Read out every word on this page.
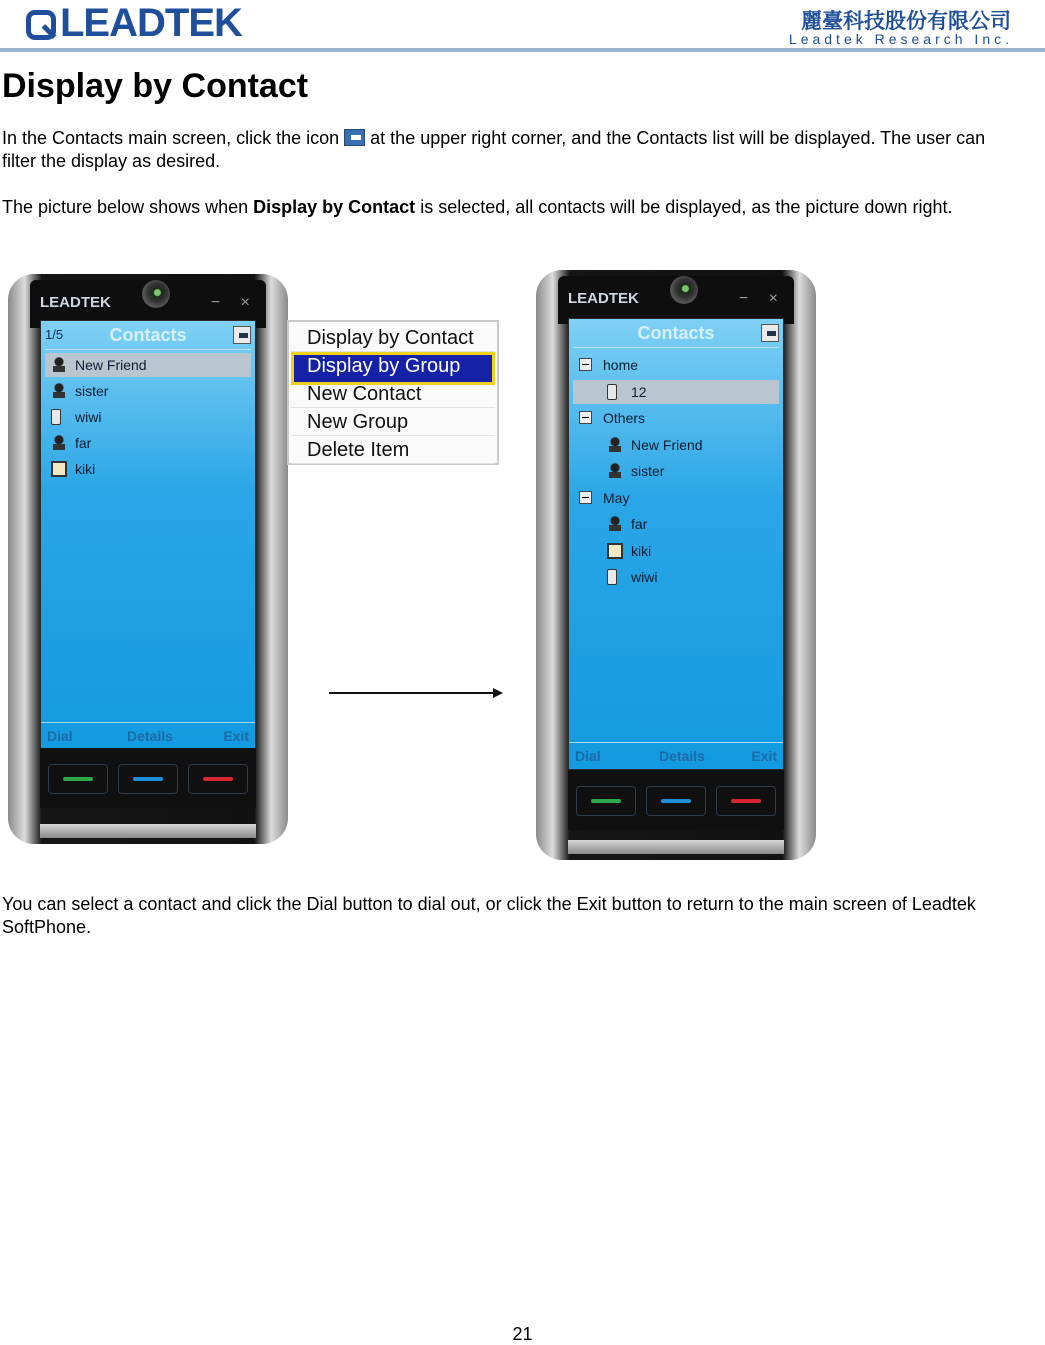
LEADTEK	麗臺科技股份有限公司
Leadtek Research Inc.
Display by Contact
In the Contacts main screen, click the icon  at the upper right corner, and the Contacts list will be displayed. The user can filter the display as desired.
The picture below shows when Display by Contact is selected, all contacts will be displayed, as the picture down right.
LEADTEK	− ×
1/5	Contacts
New Friend
sister
wiwi
far
kiki
Dial	Details	Exit
Display by Contact
Display by Group
New Contact
New Group
Delete Item
LEADTEK	− ×
Contacts
home
12
Others
New Friend
sister
May
far
kiki
wiwi
Dial	Details	Exit
You can select a contact and click the Dial button to dial out, or click the Exit button to return to the main screen of Leadtek SoftPhone.
21
